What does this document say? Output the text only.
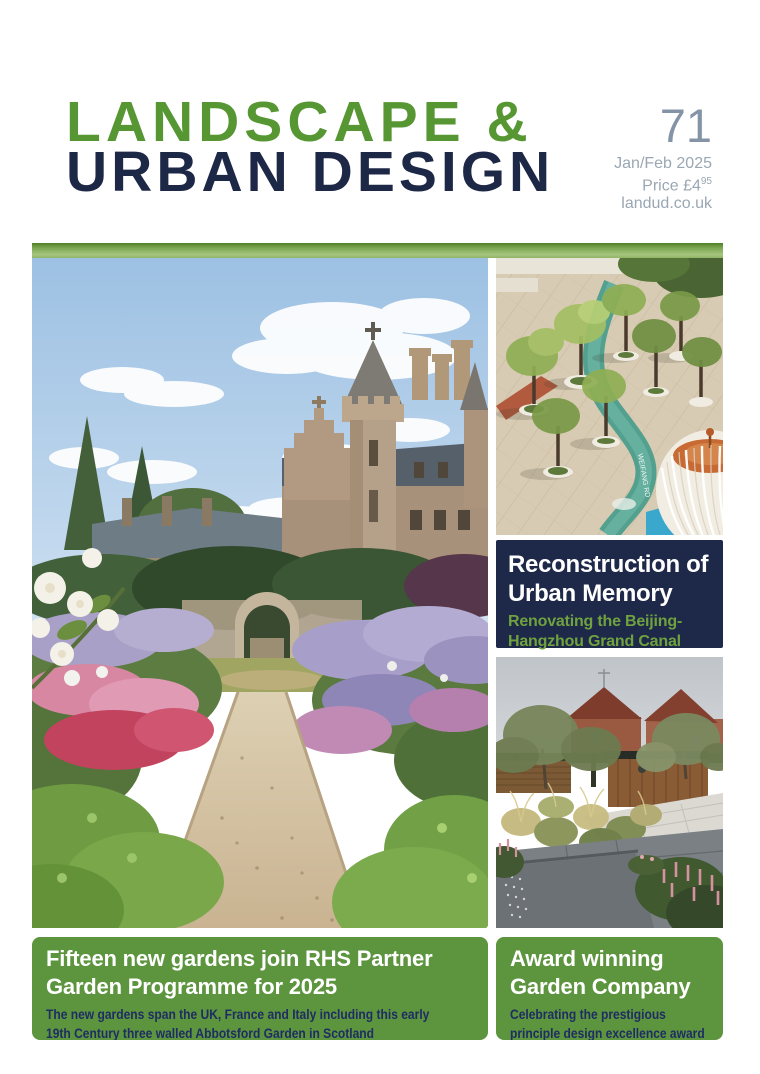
LANDSCAPE &
URBAN DESIGN
71
Jan/Feb 2025
Price $£4^{95}$
landud.co.uk
WEIFANG RD
Reconstruction of
Urban Memory
Renovating the Beijing-
Hangzhou Grand Canal
Fifteen new gardens join RHS Partner
Garden Programme for 2025
The new gardens span the UK, France and Italy including this early
19th Century three walled Abbotsford Garden in Scotland
Award winning
Garden Company
Celebrating the prestigious
principle design excellence award
